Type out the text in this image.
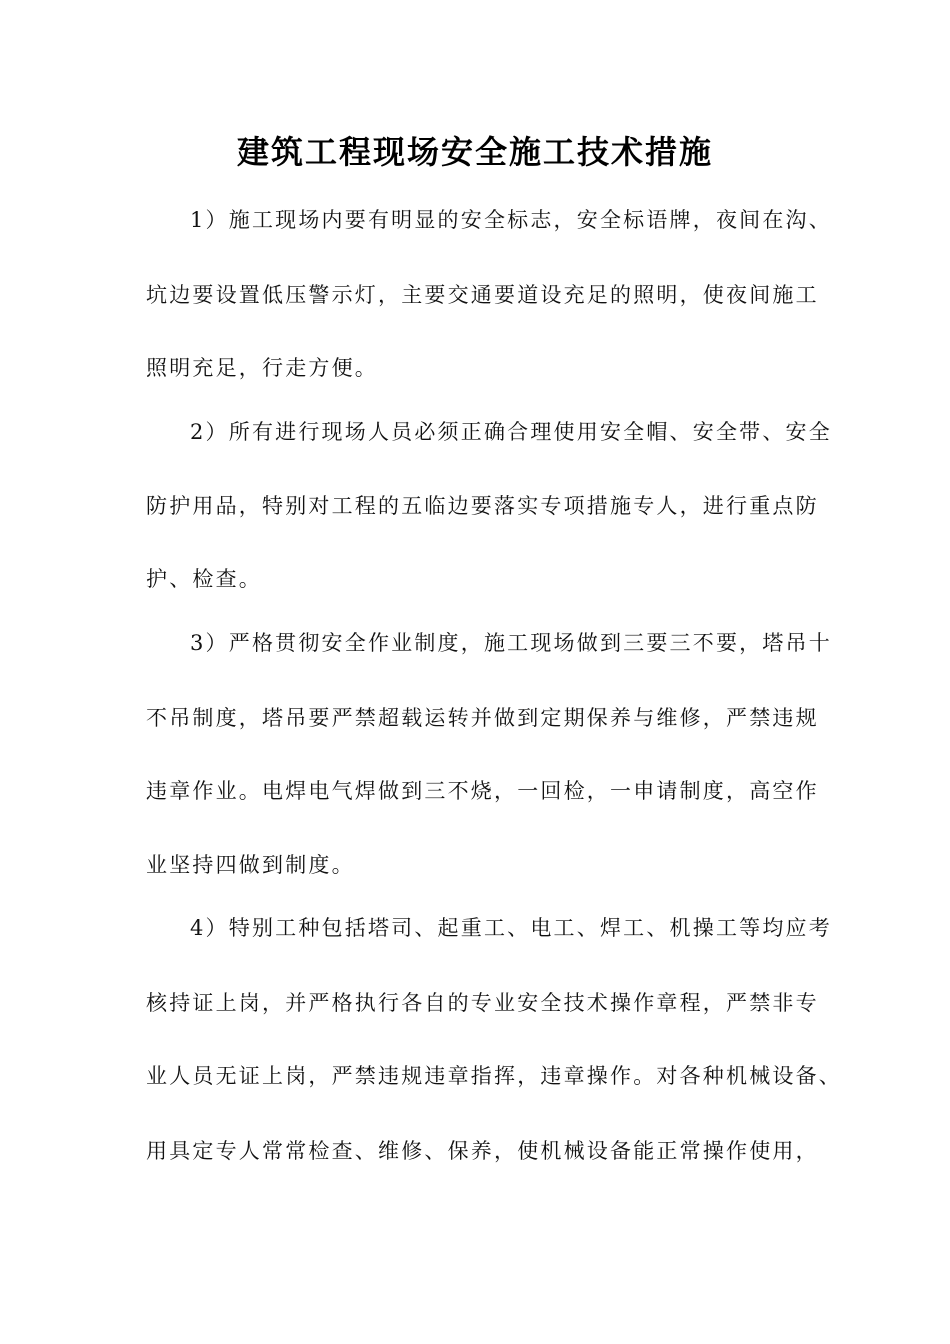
建筑工程现场安全施工技术措施
1）施工现场内要有明显的安全标志，安全标语牌，夜间在沟、
坑边要设置低压警示灯，主要交通要道设充足的照明，使夜间施工
照明充足，行走方便。
2）所有进行现场人员必须正确合理使用安全帽、安全带、安全
防护用品，特别对工程的五临边要落实专项措施专人，进行重点防
护、检查。
3）严格贯彻安全作业制度，施工现场做到三要三不要，塔吊十
不吊制度，塔吊要严禁超载运转并做到定期保养与维修，严禁违规
违章作业。电焊电气焊做到三不烧，一回检，一申请制度，高空作
业坚持四做到制度。
4）特别工种包括塔司、起重工、电工、焊工、机操工等均应考
核持证上岗，并严格执行各自的专业安全技术操作章程，严禁非专
业人员无证上岗，严禁违规违章指挥，违章操作。对各种机械设备、
用具定专人常常检查、维修、保养，使机械设备能正常操作使用，
